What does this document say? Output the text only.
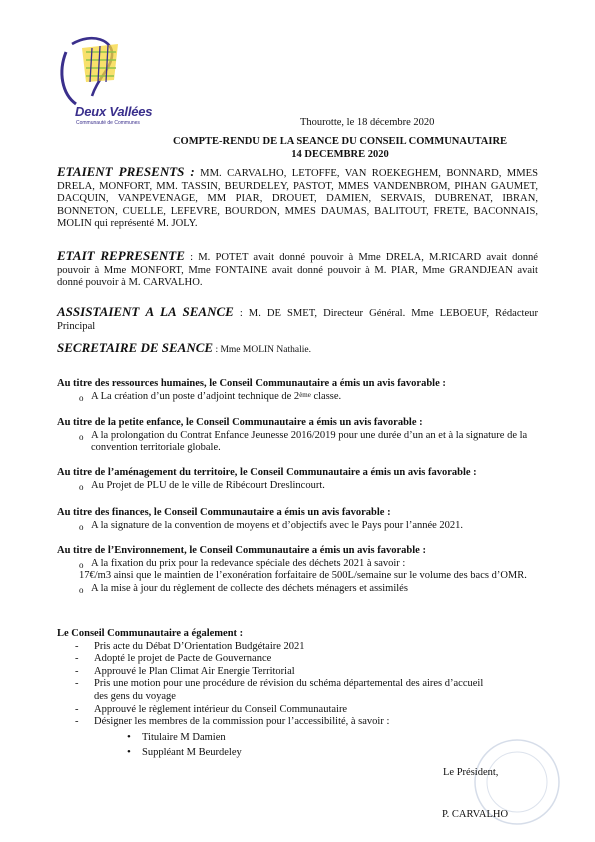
Deux Vallées
Communauté de Communes	Thourotte, le 18 décembre 2020
COMPTE-RENDU DE LA SEANCE DU CONSEIL COMMUNAUTAIRE
14 DECEMBRE 2020
ETAIENT PRESENTS : MM. CARVALHO, LETOFFE, VAN ROEKEGHEM, BONNARD, MMES DRELA, MONFORT, MM. TASSIN, BEURDELEY, PASTOT, MMES VANDENBROM, PIHAN GAUMET, DACQUIN, VANPEVENAGE, MM PIAR, DROUET, DAMIEN, SERVAIS, DUBRENAT, IBRAN, BONNETON, CUELLE, LEFEVRE, BOURDON, MMES DAUMAS, BALITOUT, FRETE, BACONNAIS, MOLIN qui représenté M. JOLY.
ETAIT REPRESENTE : M. POTET avait donné pouvoir à Mme DRELA, M.RICARD avait donné pouvoir à Mme MONFORT, Mme FONTAINE avait donné pouvoir à M. PIAR, Mme GRANDJEAN avait donné pouvoir à M. CARVALHO.
ASSISTAIENT A LA SEANCE : M. DE SMET, Directeur Général. Mme LEBOEUF, Rédacteur Principal
SECRETAIRE DE SEANCE : Mme MOLIN Nathalie.
Au titre des ressources humaines, le Conseil Communautaire a émis un avis favorable :
o A La création d’un poste d’adjoint technique de 2ème classe.
Au titre de la petite enfance, le Conseil Communautaire a émis un avis favorable :
o A la prolongation du Contrat Enfance Jeunesse 2016/2019 pour une durée d’un an et à la signature de la convention territoriale globale.
Au titre de l’aménagement du territoire, le Conseil Communautaire a émis un avis favorable :
o Au Projet de PLU de le ville de Ribécourt Dreslincourt.
Au titre des finances, le Conseil Communautaire a émis un avis favorable :
o A la signature de la convention de moyens et d’objectifs avec le Pays pour l’année 2021.
Au titre de l’Environnement, le Conseil Communautaire a émis un avis favorable :
o A la fixation du prix pour la redevance spéciale des déchets 2021 à savoir :
17€/m3 ainsi que le maintien de l’exonération forfaitaire de 500L/semaine sur le volume des bacs d’OMR.
o A la mise à jour du règlement de collecte des déchets ménagers et assimilés
Le Conseil Communautaire a également :
- Pris acte du Débat D’Orientation Budgétaire 2021
- Adopté le projet de Pacte de Gouvernance
- Approuvé le Plan Climat Air Energie Territorial
- Pris une motion pour une procédure de révision du schéma départemental des aires d’accueil des gens du voyage
- Approuvé le règlement intérieur du Conseil Communautaire
- Désigner les membres de la commission pour l’accessibilité, à savoir :
• Titulaire M Damien
• Suppléant M Beurdeley
Le Président,
P. CARVALHO
